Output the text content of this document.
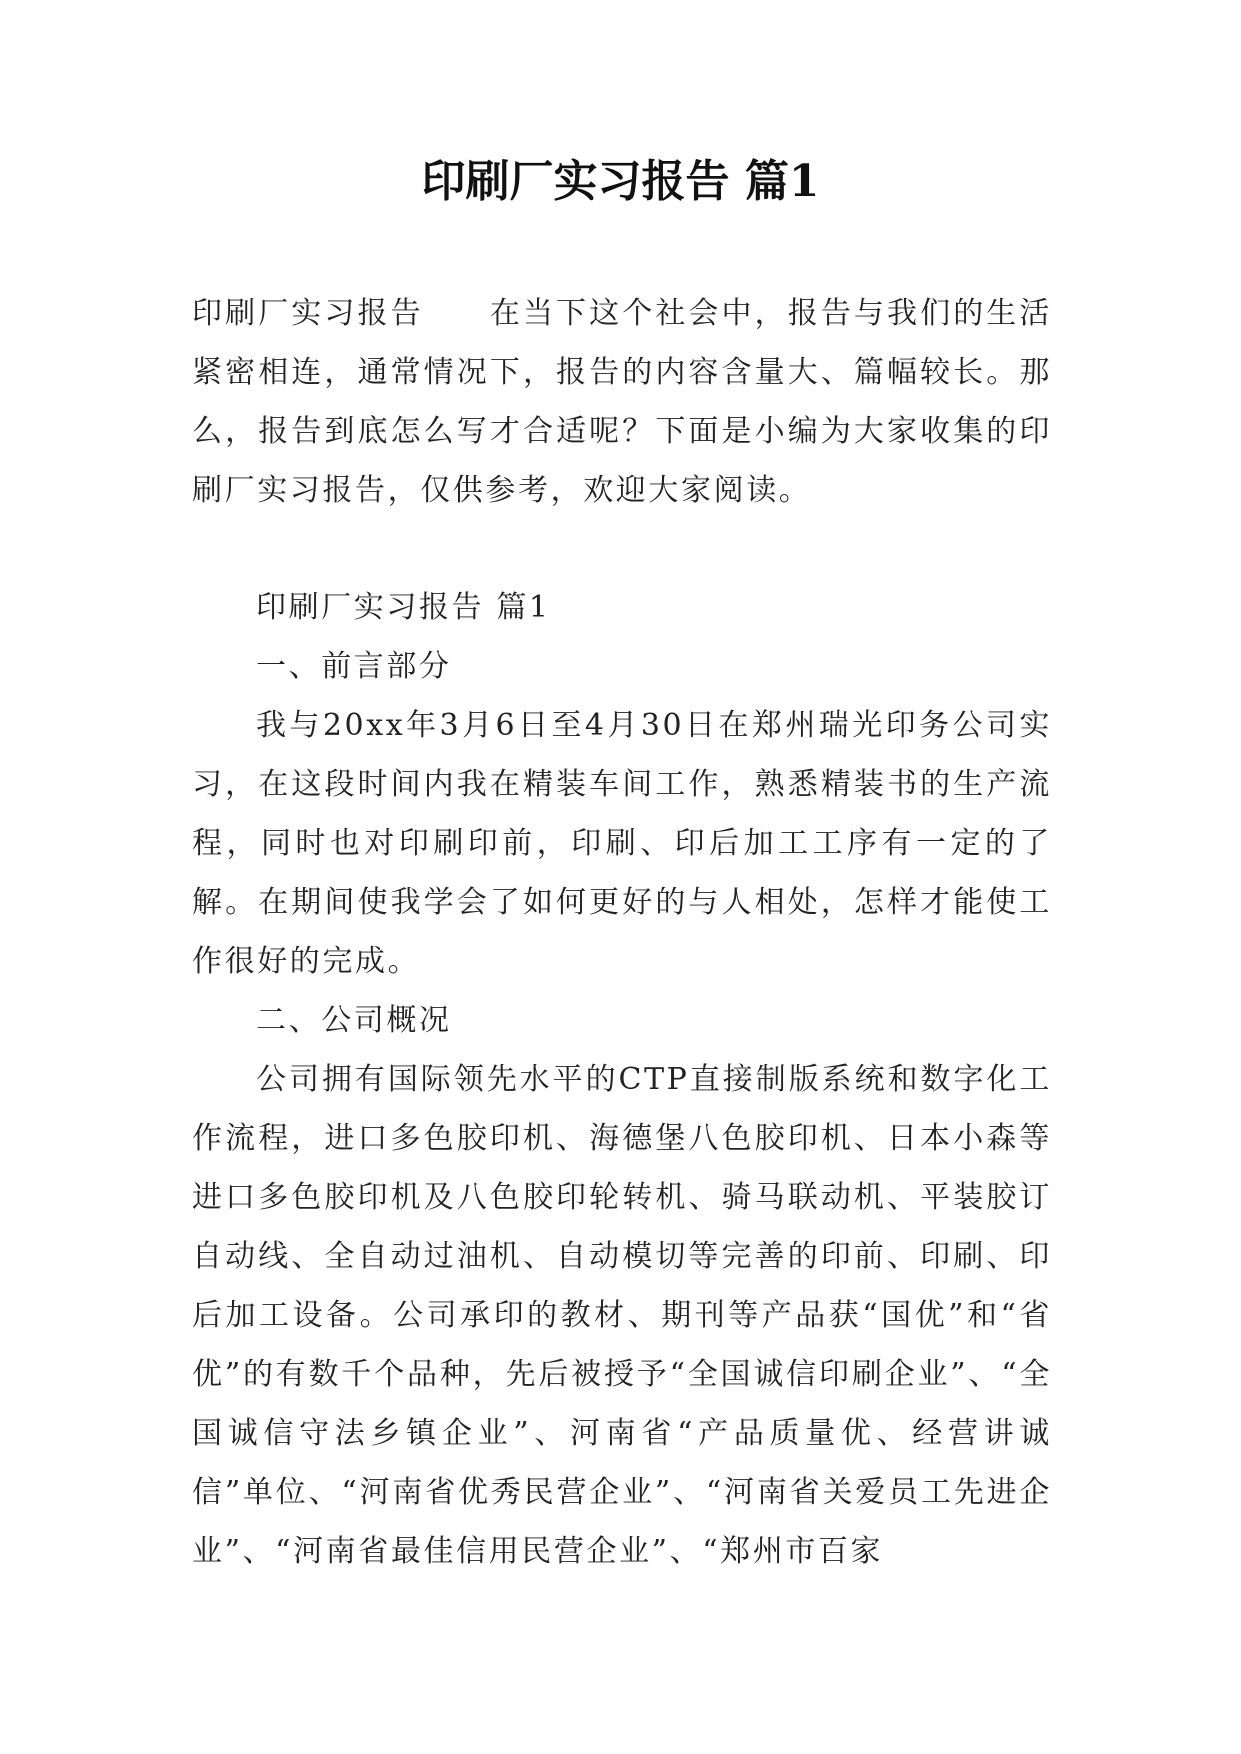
印刷厂实习报告 篇1
印刷厂实习报告　　在当下这个社会中，报告与我们的生活紧密相连，通常情况下，报告的内容含量大、篇幅较长。那么，报告到底怎么写才合适呢？下面是小编为大家收集的印刷厂实习报告，仅供参考，欢迎大家阅读。

印刷厂实习报告 篇1

一、前言部分

我与20xx年3月6日至4月30日在郑州瑞光印务公司实习，在这段时间内我在精装车间工作，熟悉精装书的生产流程，同时也对印刷印前，印刷、印后加工工序有一定的了解。在期间使我学会了如何更好的与人相处，怎样才能使工作很好的完成。

二、公司概况

公司拥有国际领先水平的CTP直接制版系统和数字化工作流程，进口多色胶印机、海德堡八色胶印机、日本小森等进口多色胶印机及八色胶印轮转机、骑马联动机、平装胶订自动线、全自动过油机、自动模切等完善的印前、印刷、印后加工设备。公司承印的教材、期刊等产品获“国优”和“省优”的有数千个品种，先后被授予“全国诚信印刷企业”、“全国诚信守法乡镇企业”、河南省“产品质量优、经营讲诚信”单位、“河南省优秀民营企业”、“河南省关爱员工先进企业”、“河南省最佳信用民营企业”、“郑州市百家
